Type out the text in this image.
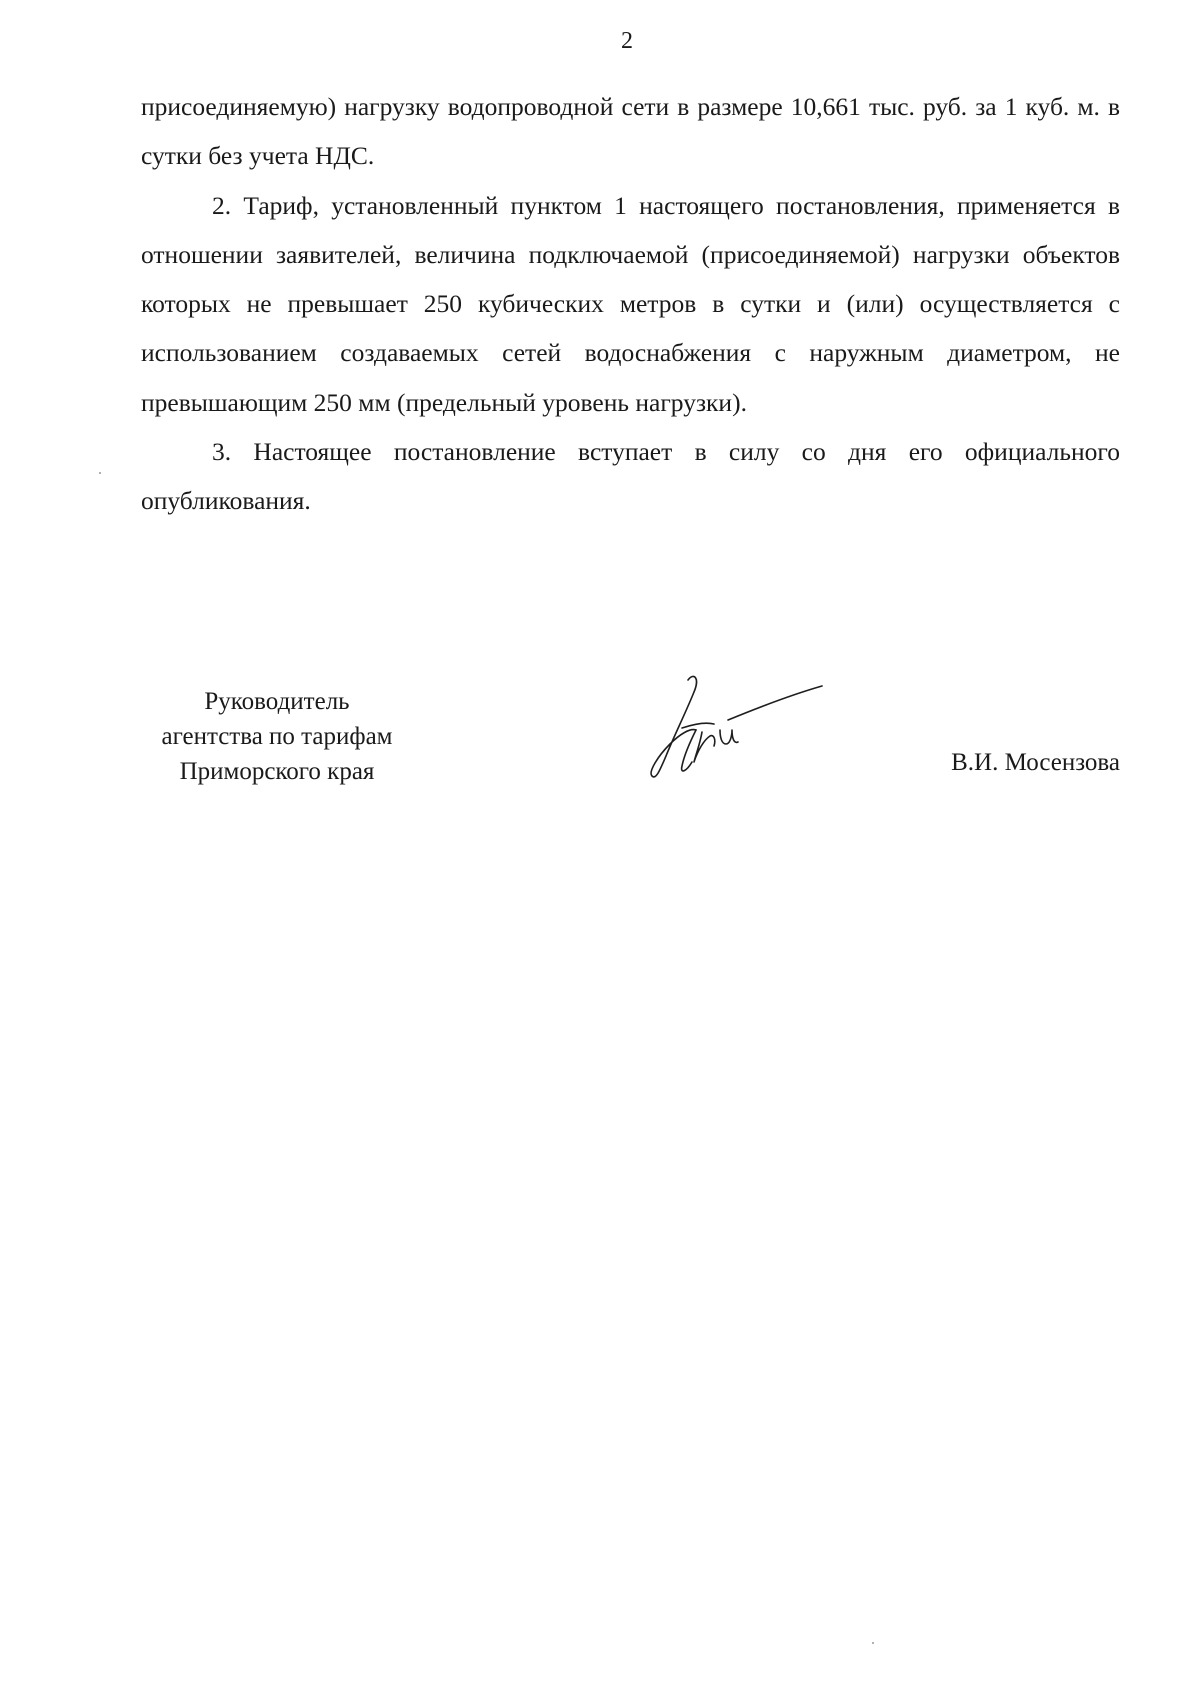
2

присоединяемую) нагрузку водопроводной сети в размере 10,661 тыс. руб. за 1 куб. м. в сутки без учета НДС.

2. Тариф, установленный пунктом 1 настоящего постановления, применяется в отношении заявителей, величина подключаемой (присоединяемой) нагрузки объектов которых не превышает 250 кубических метров в сутки и (или) осуществляется с использованием создаваемых сетей водоснабжения с наружным диаметром, не превышающим 250 мм (предельный уровень нагрузки).

3. Настоящее постановление вступает в силу со дня его официального опубликования.

Руководитель
агентства по тарифам
Приморского края	В.И. Мосензова
